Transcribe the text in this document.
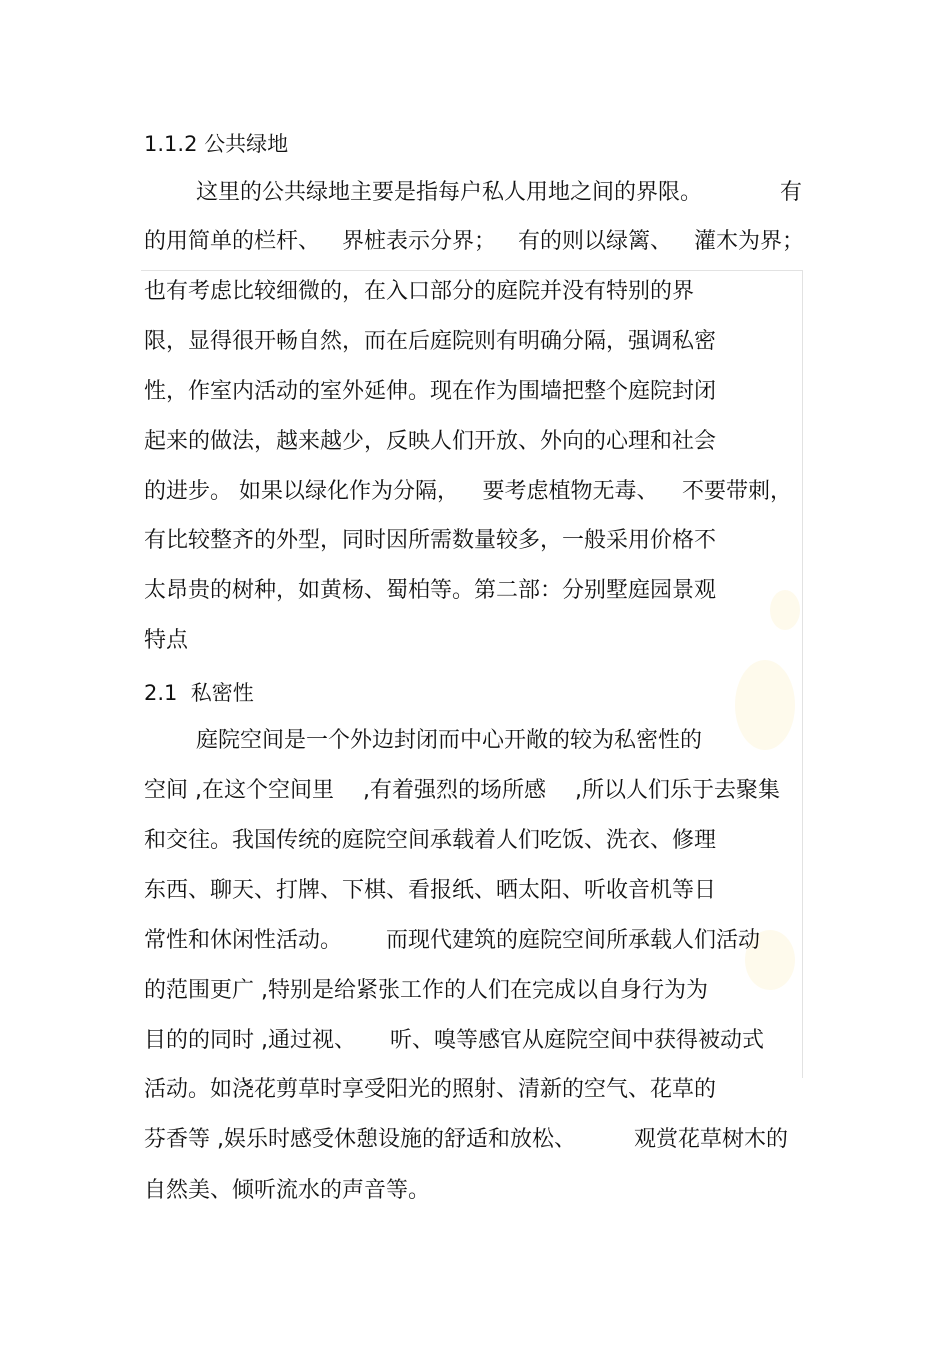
1.1.2 公共绿地
这里的公共绿地主要是指每户私人用地之间的界限。	有
的用简单的栏杆、 界桩表示分界； 有的则以绿篱、 灌木为界；
也有考虑比较细微的，在入口部分的庭院并没有特别的界
限，显得很开畅自然，而在后庭院则有明确分隔，强调私密
性，作室内活动的室外延伸。现在作为围墙把整个庭院封闭
起来的做法，越来越少，反映人们开放、外向的心理和社会
的进步。 如果以绿化作为分隔， 要考虑植物无毒、 不要带刺，
有比较整齐的外型，同时因所需数量较多，一般采用价格不
太昂贵的树种，如黄杨、蜀柏等。第二部：分别墅庭园景观
特点
2.1  私密性
庭院空间是一个外边封闭而中心开敞的较为私密性的
空间 ,在这个空间里 ,有着强烈的场所感 ,所以人们乐于去聚集
和交往。我国传统的庭院空间承载着人们吃饭、洗衣、修理
东西、聊天、打牌、下棋、看报纸、晒太阳、听收音机等日
常性和休闲性活动。 而现代建筑的庭院空间所承载人们活动
的范围更广 ,特别是给紧张工作的人们在完成以自身行为为
目的的同时 ,通过视、 听、嗅等感官从庭院空间中获得被动式
活动。如浇花剪草时享受阳光的照射、清新的空气、花草的
芬香等 ,娱乐时感受休憩设施的舒适和放松、	观赏花草树木的
自然美、倾听流水的声音等。
